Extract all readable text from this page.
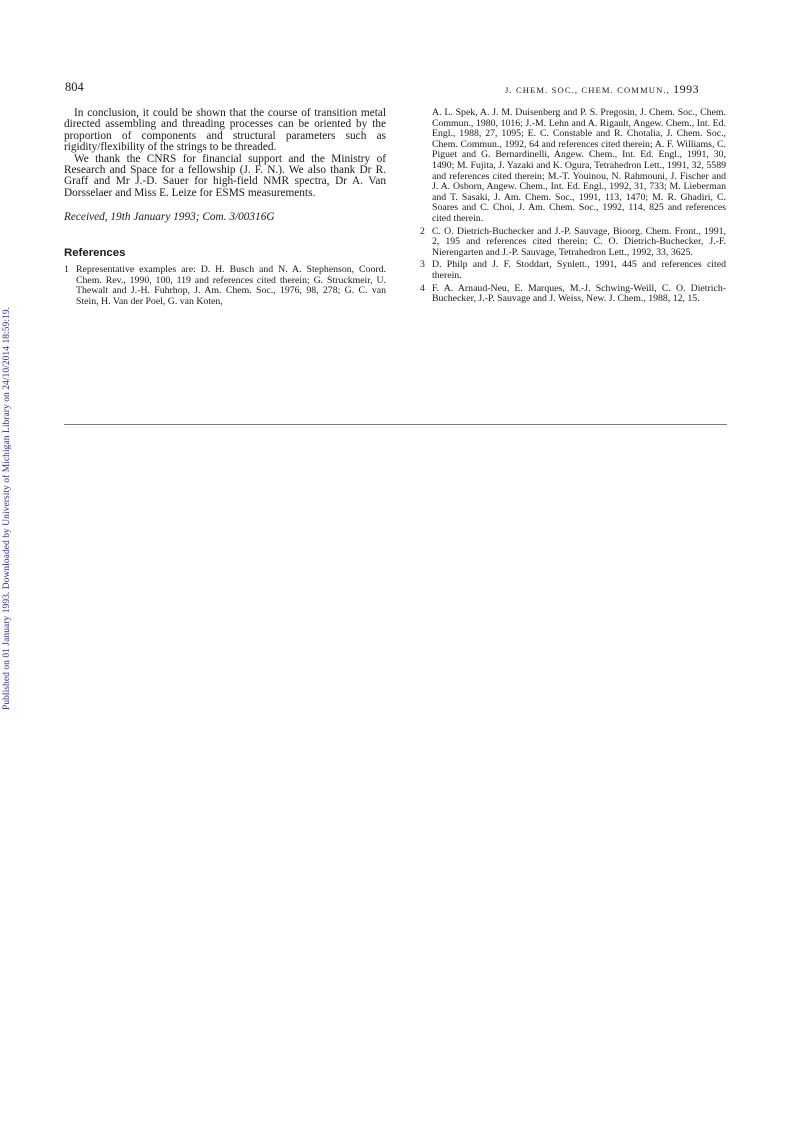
Published on 01 January 1993. Downloaded by University of Michigan Library on 24/10/2014 18:59:19.
804	J. CHEM. SOC., CHEM. COMMUN., 1993

In conclusion, it could be shown that the course of transition metal directed assembling and threading processes can be oriented by the proportion of components and structural parameters such as rigidity/flexibility of the strings to be threaded.

We thank the CNRS for financial support and the Ministry of Research and Space for a fellowship (J. F. N.). We also thank Dr R. Graff and Mr J.-D. Sauer for high-field NMR spectra, Dr A. Van Dorsselaer and Miss E. Leize for ESMS measurements.

Received, 19th January 1993; Com. 3/00316G

References
1 Representative examples are: D. H. Busch and N. A. Stephenson, Coord. Chem. Rev., 1990, 100, 119 and references cited therein; G. Struckmeir, U. Thewalt and J.-H. Fuhrhop, J. Am. Chem. Soc., 1976, 98, 278; G. C. van Stein, H. Van der Poel, G. van Koten,
A. L. Spek, A. J. M. Duisenberg and P. S. Pregosin, J. Chem. Soc., Chem. Commun., 1980, 1016; J.-M. Lehn and A. Rigault, Angew. Chem., Int. Ed. Engl., 1988, 27, 1095; E. C. Constable and R. Chotalia, J. Chem. Soc., Chem. Commun., 1992, 64 and references cited therein; A. F. Williams, C. Piguet and G. Bernardinelli, Angew. Chem., Int. Ed. Engl., 1991, 30, 1490; M. Fujita, J. Yazaki and K. Ogura, Tetrahedron Lett., 1991, 32, 5589 and references cited therein; M.-T. Youinou, N. Rahmouni, J. Fischer and J. A. Osborn, Angew. Chem., Int. Ed. Engl., 1992, 31, 733; M. Lieberman and T. Sasaki, J. Am. Chem. Soc., 1991, 113, 1470; M. R. Ghadiri, C. Soares and C. Choi, J. Am. Chem. Soc., 1992, 114, 825 and references cited therein.
2 C. O. Dietrich-Buchecker and J.-P. Sauvage, Bioorg. Chem. Front., 1991, 2, 195 and references cited therein; C. O. Dietrich-Buchecker, J.-F. Nierengarten and J.-P. Sauvage, Tetrahedron Lett., 1992, 33, 3625.
3 D. Philp and J. F. Stoddart, Synlett., 1991, 445 and references cited therein.
4 F. A. Arnaud-Neu, E. Marques, M.-J. Schwing-Weill, C. O. Dietrich-Buchecker, J.-P. Sauvage and J. Weiss, New. J. Chem., 1988, 12, 15.
